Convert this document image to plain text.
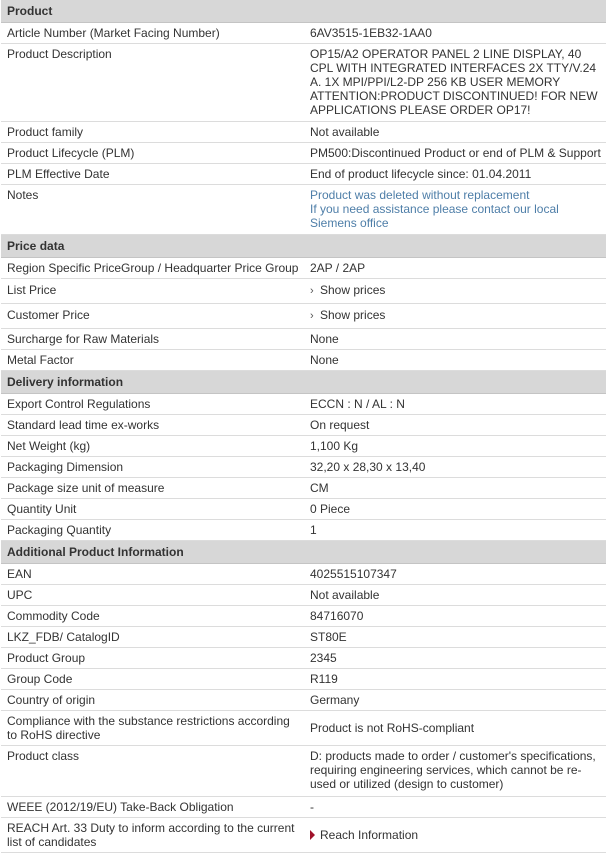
Product	
Article Number (Market Facing Number)	6AV3515-1EB32-1AA0
Product Description	OP15/A2 OPERATOR PANEL 2 LINE DISPLAY, 40 CPL WITH INTEGRATED INTERFACES 2X TTY/V.24 A. 1X MPI/PPI/L2-DP 256 KB USER MEMORY ATTENTION:PRODUCT DISCONTINUED! FOR NEW APPLICATIONS PLEASE ORDER OP17!
Product family	Not available
Product Lifecycle (PLM)	PM500:Discontinued Product or end of PLM & Support
PLM Effective Date	End of product lifecycle since: 01.04.2011
Notes	Product was deleted without replacement
If you need assistance please contact our local Siemens office

Price data	
Region Specific PriceGroup / Headquarter Price Group	2AP / 2AP
List Price	› Show prices
Customer Price	› Show prices
Surcharge for Raw Materials	None
Metal Factor	None
Delivery information	
Export Control Regulations	ECCN : N / AL : N
Standard lead time ex-works	On request
Net Weight (kg)	1,100 Kg
Packaging Dimension	32,20 x 28,30 x 13,40
Package size unit of measure	CM
Quantity Unit	0 Piece
Packaging Quantity	1
Additional Product Information	
EAN	4025515107347
UPC	Not available
Commodity Code	84716070
LKZ_FDB/ CatalogID	ST80E
Product Group	2345
Group Code	R119
Country of origin	Germany
Compliance with the substance restrictions according to RoHS directive	Product is not RoHS-compliant
Product class	D: products made to order / customer's specifications, requiring engineering services, which cannot be re-used or utilized (design to customer)
WEEE (2012/19/EU) Take-Back Obligation	-
REACH Art. 33 Duty to inform according to the current list of candidates	Reach Information
